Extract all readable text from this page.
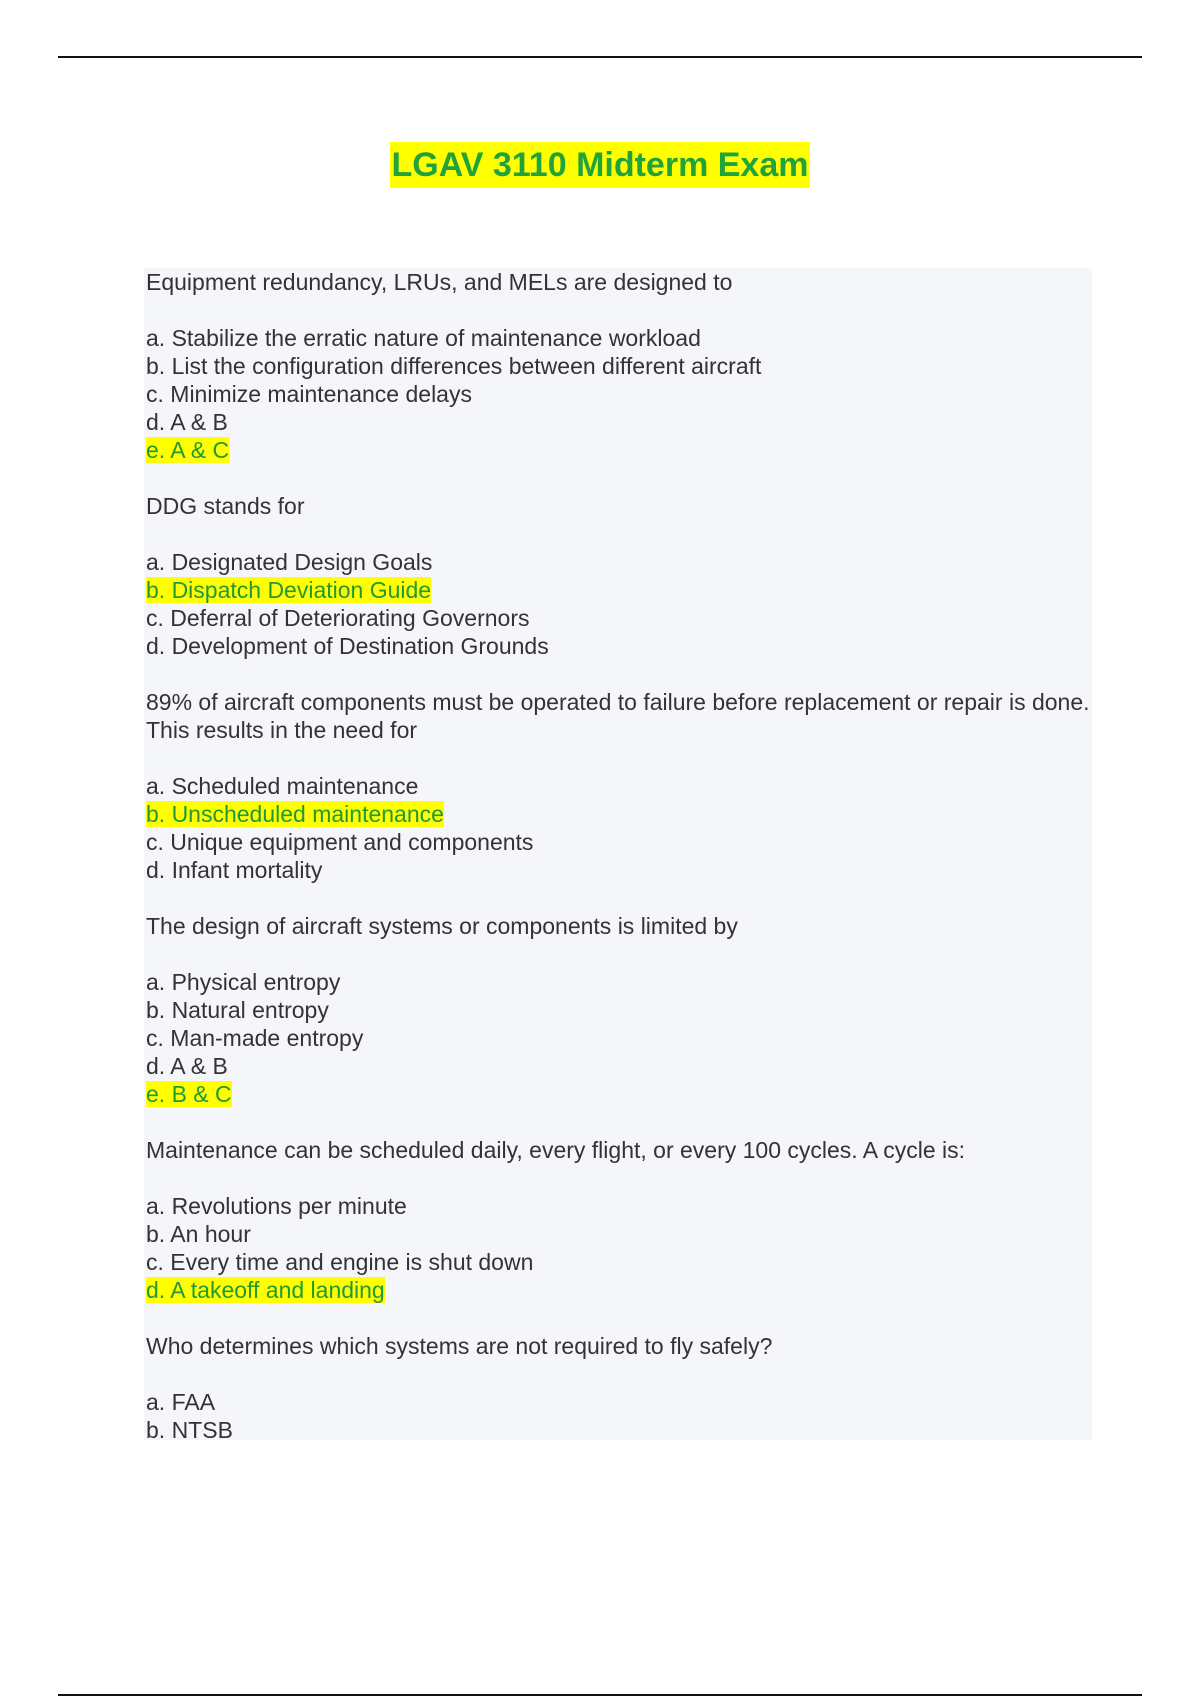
LGAV 3110 Midterm Exam
Equipment redundancy, LRUs, and MELs are designed to
a. Stabilize the erratic nature of maintenance workload
b. List the configuration differences between different aircraft
c. Minimize maintenance delays
d. A & B
e. A & C
DDG stands for
a. Designated Design Goals
b. Dispatch Deviation Guide
c. Deferral of Deteriorating Governors
d. Development of Destination Grounds
89% of aircraft components must be operated to failure before replacement or repair is done. This results in the need for
a. Scheduled maintenance
b. Unscheduled maintenance
c. Unique equipment and components
d. Infant mortality
The design of aircraft systems or components is limited by
a. Physical entropy
b. Natural entropy
c. Man-made entropy
d. A & B
e. B & C
Maintenance can be scheduled daily, every flight, or every 100 cycles. A cycle is:
a. Revolutions per minute
b. An hour
c. Every time and engine is shut down
d. A takeoff and landing
Who determines which systems are not required to fly safely?
a. FAA
b. NTSB
